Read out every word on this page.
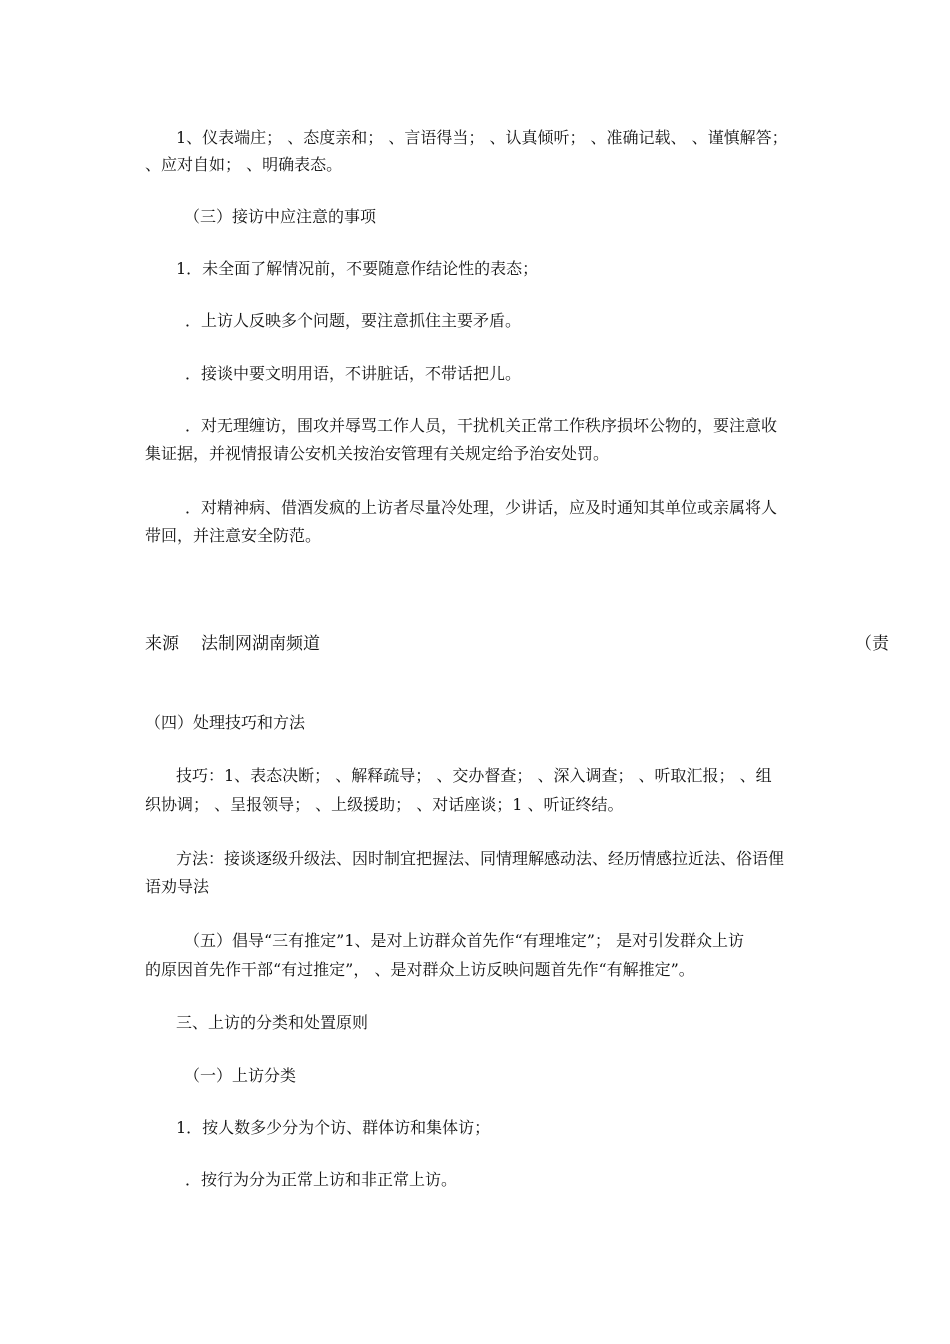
1、仪表端庄； 、态度亲和； 、言语得当； 、认真倾听； 、准确记载、 、谨慎解答；
、应对自如； 、明确表态。
（三）接访中应注意的事项
1．未全面了解情况前，不要随意作结论性的表态；
．上访人反映多个问题，要注意抓住主要矛盾。
．接谈中要文明用语，不讲脏话，不带话把儿。
．对无理缠访，围攻并辱骂工作人员，干扰机关正常工作秩序损坏公物的，要注意收
集证据，并视情报请公安机关按治安管理有关规定给予治安处罚。
．对精神病、借酒发疯的上访者尽量冷处理，少讲话，应及时通知其单位或亲属将人
带回，并注意安全防范。
来源 法制网湖南频道	（责
（四）处理技巧和方法
技巧：1、表态决断； 、解释疏导； 、交办督查； 、深入调查； 、听取汇报； 、组
织协调； 、呈报领导； 、上级援助； 、对话座谈；1 、听证终结。
方法：接谈逐级升级法、因时制宜把握法、同情理解感动法、经历情感拉近法、俗语俚
语劝导法
（五）倡导“三有推定”1、是对上访群众首先作“有理堆定”； 是对引发群众上访
的原因首先作干部“有过推定”， 、是对群众上访反映问题首先作“有解推定”。
三、上访的分类和处置原则
（一）上访分类
1．按人数多少分为个访、群体访和集体访；
．按行为分为正常上访和非正常上访。
